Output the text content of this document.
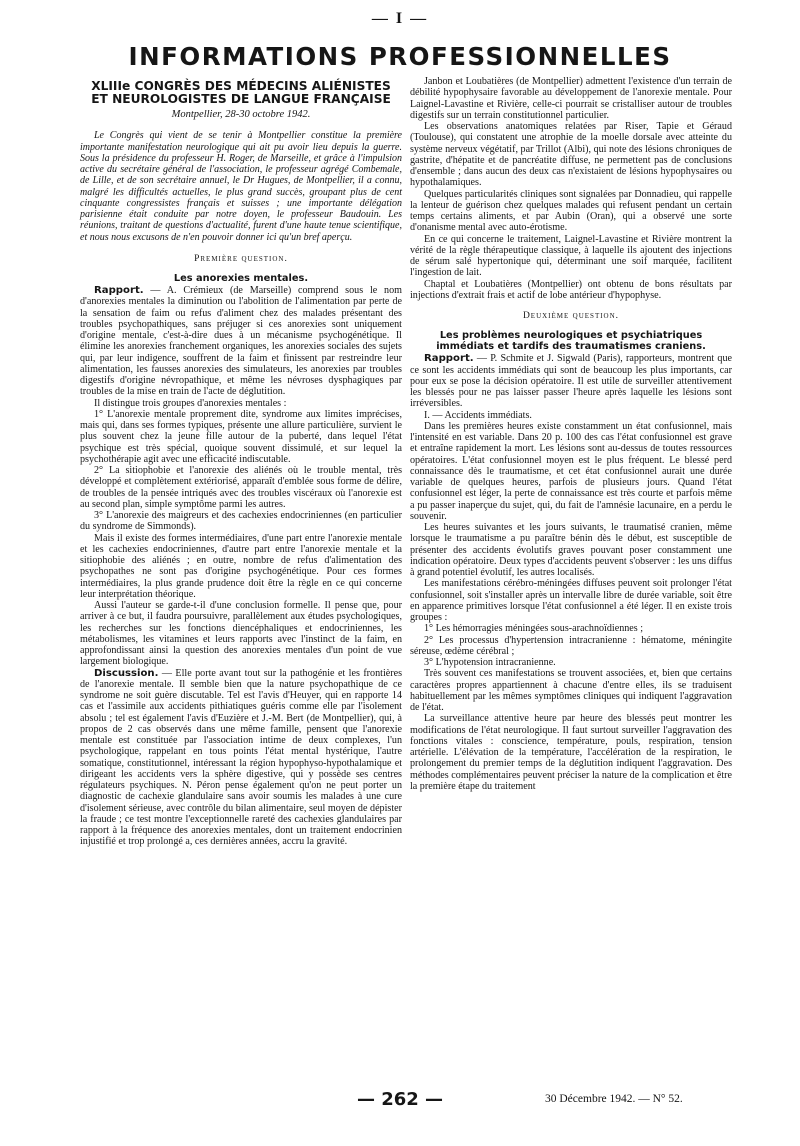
— I —
INFORMATIONS PROFESSIONNELLES
XLIIIe CONGRÈS DES MÉDECINS ALIÉNISTES
ET NEUROLOGISTES DE LANGUE FRANÇAISE
Montpellier, 28-30 octobre 1942.

Le Congrès qui vient de se tenir à Montpellier constitue la première importante manifestation neurologique qui ait pu avoir lieu depuis la guerre. Sous la présidence du professeur H. Roger, de Marseille, et grâce à l'impulsion active du secrétaire général de l'association, le professeur agrégé Combemale, de Lille, et de son secrétaire annuel, le Dr Hugues, de Montpellier, il a connu, malgré les difficultés actuelles, le plus grand succès, groupant plus de cent cinquante congressistes français et suisses ; une importante délégation parisienne était conduite par notre doyen, le professeur Baudouin. Les réunions, traitant de questions d'actualité, furent d'une haute tenue scientifique, et nous nous excusons de n'en pouvoir donner ici qu'un bref aperçu.

Première question.
Les anorexies mentales.

Rapport. — A. Crémieux (de Marseille) comprend sous le nom d'anorexies mentales la diminution ou l'abolition de l'alimentation par perte de la sensation de faim ou refus d'aliment chez des malades présentant des troubles psychopathiques, sans préjuger si ces anorexies sont uniquement d'origine mentale, c'est-à-dire dues à un mécanisme psychogénétique. Il élimine les anorexies franchement organiques, les anorexies sociales des sujets qui, par leur indigence, souffrent de la faim et finissent par restreindre leur alimentation, les fausses anorexies des simulateurs, les anorexies par troubles digestifs d'origine névropathique, et même les névroses dysphagiques par troubles de la mise en train de l'acte de déglutition.

Il distingue trois groupes d'anorexies mentales :

1° L'anorexie mentale proprement dite, syndrome aux limites imprécises, mais qui, dans ses formes typiques, présente une allure particulière, survient le plus souvent chez la jeune fille autour de la puberté, dans lequel l'état psychique est très spécial, quoique souvent dissimulé, et sur lequel la psychothérapie agit avec une efficacité indiscutable.

2° La sitiophobie et l'anorexie des aliénés où le trouble mental, très développé et complètement extériorisé, apparaît d'emblée sous forme de délire, de troubles de la pensée intriqués avec des troubles viscéraux où l'anorexie est au second plan, simple symptôme parmi les autres.

3° L'anorexie des maigreurs et des cachexies endocriniennes (en particulier du syndrome de Simmonds).

Mais il existe des formes intermédiaires, d'une part entre l'anorexie mentale et les cachexies endocriniennes, d'autre part entre l'anorexie mentale et la sitiophobie des aliénés ; en outre, nombre de refus d'alimentation des psychopathes ne sont pas d'origine psychogénétique. Pour ces formes intermédiaires, la plus grande prudence doit être la règle en ce qui concerne leur interprétation théorique.

Aussi l'auteur se garde-t-il d'une conclusion formelle. Il pense que, pour arriver à ce but, il faudra poursuivre, parallèlement aux études psychologiques, les recherches sur les fonctions diencéphaliques et endocriniennes, les métabolismes, les vitamines et leurs rapports avec l'instinct de la faim, en approfondissant ainsi la question des anorexies mentales d'un point de vue largement biologique.

Discussion. — Elle porte avant tout sur la pathogénie et les frontières de l'anorexie mentale. Il semble bien que la nature psychopathique de ce syndrome ne soit guère discutable. Tel est l'avis d'Heuyer, qui en rapporte 14 cas et l'assimile aux accidents pithiatiques guéris comme elle par l'isolement absolu ; tel est également l'avis d'Euzière et J.-M. Bert (de Montpellier), qui, à propos de 2 cas observés dans une même famille, pensent que l'anorexie mentale est constituée par l'association intime de deux complexes, l'un psychologique, rappelant en tous points l'état mental hystérique, l'autre somatique, constitutionnel, intéressant la région hypophyso-hypothalamique et dirigeant les accidents vers la sphère digestive, qui y possède ses centres régulateurs psychiques. N. Péron pense également qu'on ne peut porter un diagnostic de cachexie glandulaire sans avoir soumis les malades à une cure d'isolement sérieuse, avec contrôle du bilan alimentaire, seul moyen de dépister la fraude ; ce test montre l'exceptionnelle rareté des cachexies glandulaires par rapport à la fréquence des anorexies mentales, dont un traitement endocrinien injustifié et trop prolongé a, ces dernières années, accru la gravité.

Janbon et Loubatières (de Montpellier) admettent l'existence d'un terrain de débilité hypophysaire favorable au développement de l'anorexie mentale. Pour Laignel-Lavastine et Rivière, celle-ci pourrait se cristalliser autour de troubles digestifs sur un terrain constitutionnel particulier.

Les observations anatomiques relatées par Riser, Tapie et Géraud (Toulouse), qui constatent une atrophie de la moelle dorsale avec atteinte du système nerveux végétatif, par Trillot (Albi), qui note des lésions chroniques de gastrite, d'hépatite et de pancréatite diffuse, ne permettent pas de conclusions d'ensemble ; dans aucun des deux cas n'existaient de lésions hypophysaires ou hypothalamiques.

Quelques particularités cliniques sont signalées par Donnadieu, qui rappelle la lenteur de guérison chez quelques malades qui refusent pendant un certain temps certains aliments, et par Aubin (Oran), qui a observé une sorte d'onanisme mental avec auto-érotisme.

En ce qui concerne le traitement, Laignel-Lavastine et Rivière montrent la vérité de la règle thérapeutique classique, à laquelle ils ajoutent des injections de sérum salé hypertonique qui, déterminant une soif marquée, facilitent l'ingestion de lait.

Chaptal et Loubatières (Montpellier) ont obtenu de bons résultats par injections d'extrait frais et actif de lobe antérieur d'hypophyse.

Deuxième question.
Les problèmes neurologiques et psychiatriques immédiats et tardifs des traumatismes craniens.

Rapport. — P. Schmite et J. Sigwald (Paris), rapporteurs, montrent que ce sont les accidents immédiats qui sont de beaucoup les plus importants, car pour eux se pose la décision opératoire. Il est utile de surveiller attentivement les blessés pour ne pas laisser passer l'heure après laquelle les lésions sont irréversibles.

I. — Accidents immédiats.

Dans les premières heures existe constamment un état confusionnel, mais l'intensité en est variable. Dans 20 p. 100 des cas l'état confusionnel est grave et entraîne rapidement la mort. Les lésions sont au-dessus de toutes ressources opératoires. L'état confusionnel moyen est le plus fréquent. Le blessé perd connaissance dès le traumatisme, et cet état confusionnel aurait une durée variable de quelques heures, parfois de plusieurs jours. Quand l'état confusionnel est léger, la perte de connaissance est très courte et parfois même a pu passer inaperçue du sujet, qui, du fait de l'amnésie lacunaire, en a perdu le souvenir.

Les heures suivantes et les jours suivants, le traumatisé cranien, même lorsque le traumatisme a pu paraître bénin dès le début, est susceptible de présenter des accidents évolutifs graves pouvant poser constamment une indication opératoire. Deux types d'accidents peuvent s'observer : les uns diffus à grand potentiel évolutif, les autres localisés.

Les manifestations cérébro-méningées diffuses peuvent soit prolonger l'état confusionnel, soit s'installer après un intervalle libre de durée variable, soit être en apparence primitives lorsque l'état confusionnel a été léger. Il en existe trois groupes :

1° Les hémorragies méningées sous-arachnoïdiennes ;

2° Les processus d'hypertension intracranienne : hématome, méningite séreuse, œdème cérébral ;

3° L'hypotension intracranienne.

Très souvent ces manifestations se trouvent associées, et, bien que certains caractères propres appartiennent à chacune d'entre elles, ils se traduisent habituellement par les mêmes symptômes cliniques qui indiquent l'aggravation de l'état.

La surveillance attentive heure par heure des blessés peut montrer les modifications de l'état neurologique. Il faut surtout surveiller l'aggravation des fonctions vitales : conscience, température, pouls, respiration, tension artérielle. L'élévation de la température, l'accélération de la respiration, le prolongement du premier temps de la déglutition indiquent l'aggravation. Des méthodes complémentaires peuvent préciser la nature de la complication et être la première étape du traitement

— 262 —	30 Décembre 1942. — N° 52.
